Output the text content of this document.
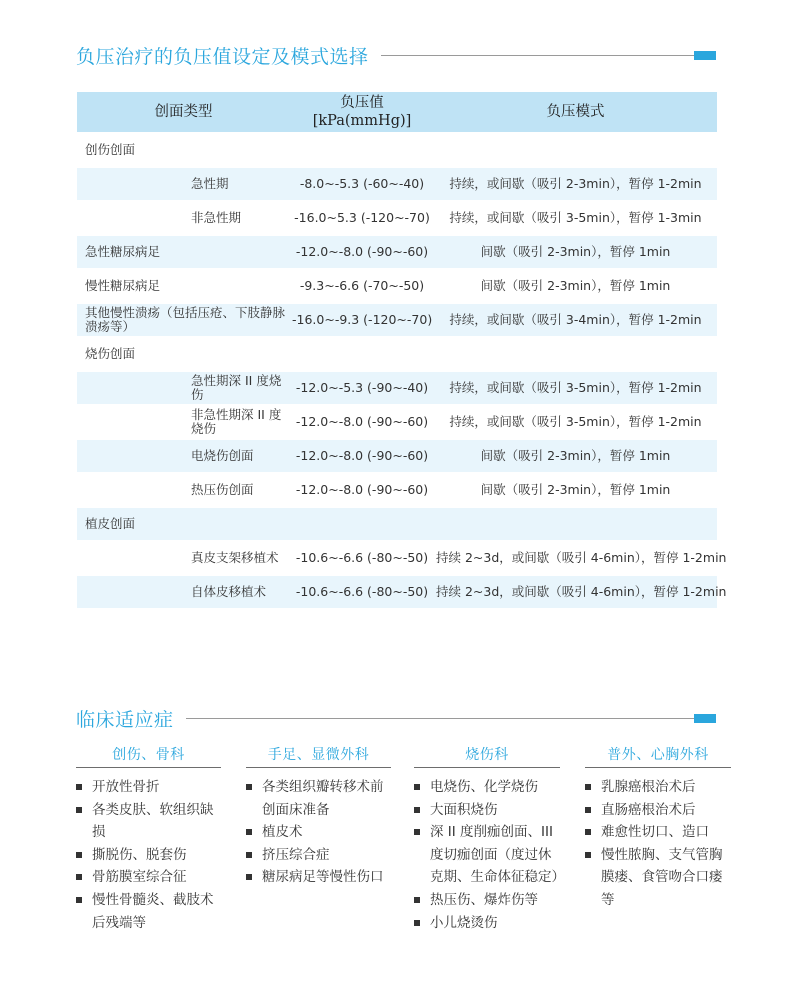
负压治疗的负压值设定及模式选择
创面类型		负压值
[kPa(mmHg)]	负压模式
创伤创面			
	急性期	-8.0~-5.3 (-60~-40)	持续，或间歇（吸引 2-3min），暂停 1-2min
	非急性期	-16.0~5.3 (-120~-70)	持续，或间歇（吸引 3-5min），暂停 1-3min
急性糖尿病足		-12.0~-8.0 (-90~-60)	间歇（吸引 2-3min），暂停 1min
慢性糖尿病足		-9.3~-6.6 (-70~-50)	间歇（吸引 2-3min），暂停 1min
其他慢性溃疡（包括压疮、下肢静脉溃疡等）		-16.0~-9.3 (-120~-70)	持续，或间歇（吸引 3-4min），暂停 1-2min
烧伤创面			
	急性期深 II 度烧伤	-12.0~-5.3 (-90~-40)	持续，或间歇（吸引 3-5min），暂停 1-2min
	非急性期深 II 度烧伤	-12.0~-8.0 (-90~-60)	持续，或间歇（吸引 3-5min），暂停 1-2min
	电烧伤创面	-12.0~-8.0 (-90~-60)	间歇（吸引 2-3min），暂停 1min
	热压伤创面	-12.0~-8.0 (-90~-60)	间歇（吸引 2-3min），暂停 1min
植皮创面			
	真皮支架移植术	-10.6~-6.6 (-80~-50)	持续 2~3d，或间歇（吸引 4-6min），暂停 1-2min
	自体皮移植术	-10.6~-6.6 (-80~-50)	持续 2~3d，或间歇（吸引 4-6min），暂停 1-2min
临床适应症
创伤、骨科
开放性骨折
各类皮肤、软组织缺损
撕脱伤、脱套伤
骨筋膜室综合征
慢性骨髓炎、截肢术后残端等
手足、显微外科
各类组织瓣转移术前创面床准备
植皮术
挤压综合症
糖尿病足等慢性伤口
烧伤科
电烧伤、化学烧伤
大面积烧伤
深 II 度削痂创面、III 度切痂创面（度过休克期、生命体征稳定）
热压伤、爆炸伤等
小儿烧烫伤
普外、心胸外科
乳腺癌根治术后
直肠癌根治术后
难愈性切口、造口
慢性脓胸、支气管胸膜瘘、食管吻合口瘘等
